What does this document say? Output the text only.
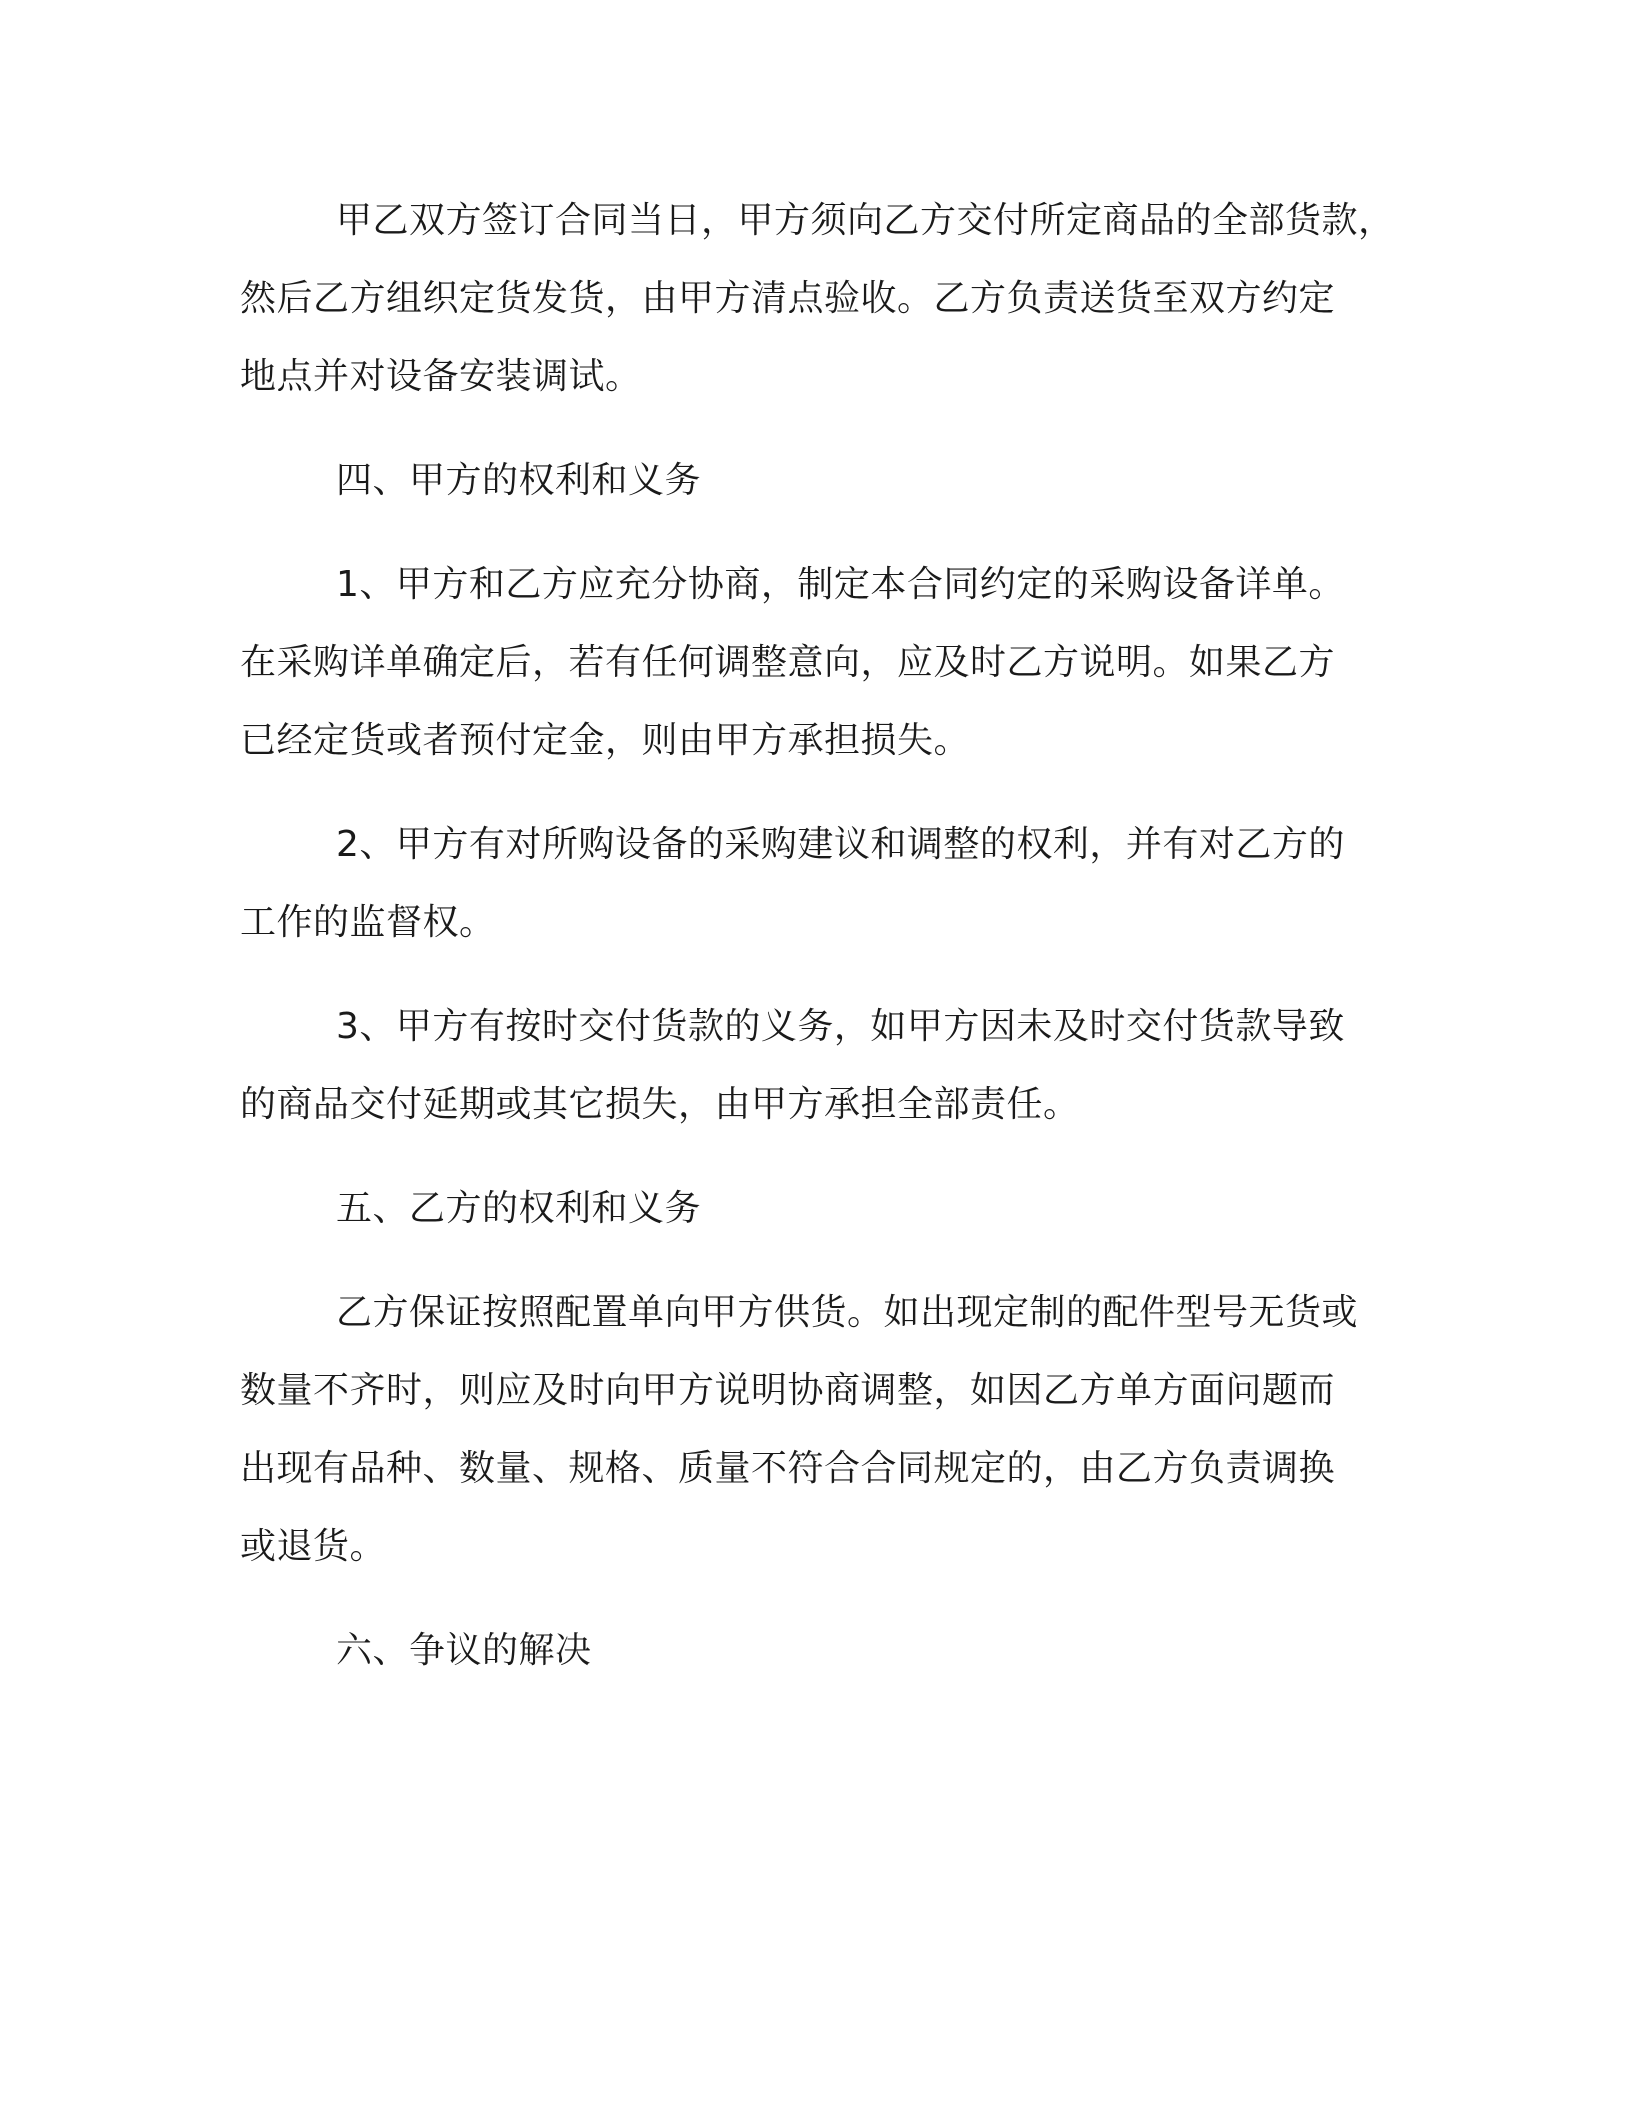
甲乙双方签订合同当日，甲方须向乙方交付所定商品的全部货款，
然后乙方组织定货发货，由甲方清点验收。乙方负责送货至双方约定
地点并对设备安装调试。

四、甲方的权利和义务

1、甲方和乙方应充分协商，制定本合同约定的采购设备详单。
在采购详单确定后，若有任何调整意向，应及时乙方说明。如果乙方
已经定货或者预付定金，则由甲方承担损失。

2、甲方有对所购设备的采购建议和调整的权利，并有对乙方的
工作的监督权。

3、甲方有按时交付货款的义务，如甲方因未及时交付货款导致
的商品交付延期或其它损失，由甲方承担全部责任。

五、乙方的权利和义务

乙方保证按照配置单向甲方供货。如出现定制的配件型号无货或
数量不齐时，则应及时向甲方说明协商调整，如因乙方单方面问题而
出现有品种、数量、规格、质量不符合合同规定的，由乙方负责调换
或退货。

六、争议的解决
